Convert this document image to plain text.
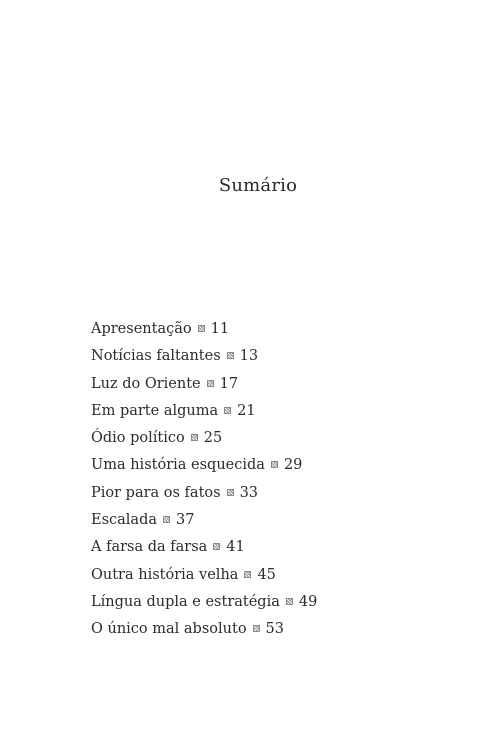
Sumário
Apresentação 11
Notícias faltantes 13
Luz do Oriente 17
Em parte alguma 21
Ódio político 25
Uma história esquecida 29
Pior para os fatos 33
Escalada 37
A farsa da farsa 41
Outra história velha 45
Língua dupla e estratégia 49
O único mal absoluto 53
